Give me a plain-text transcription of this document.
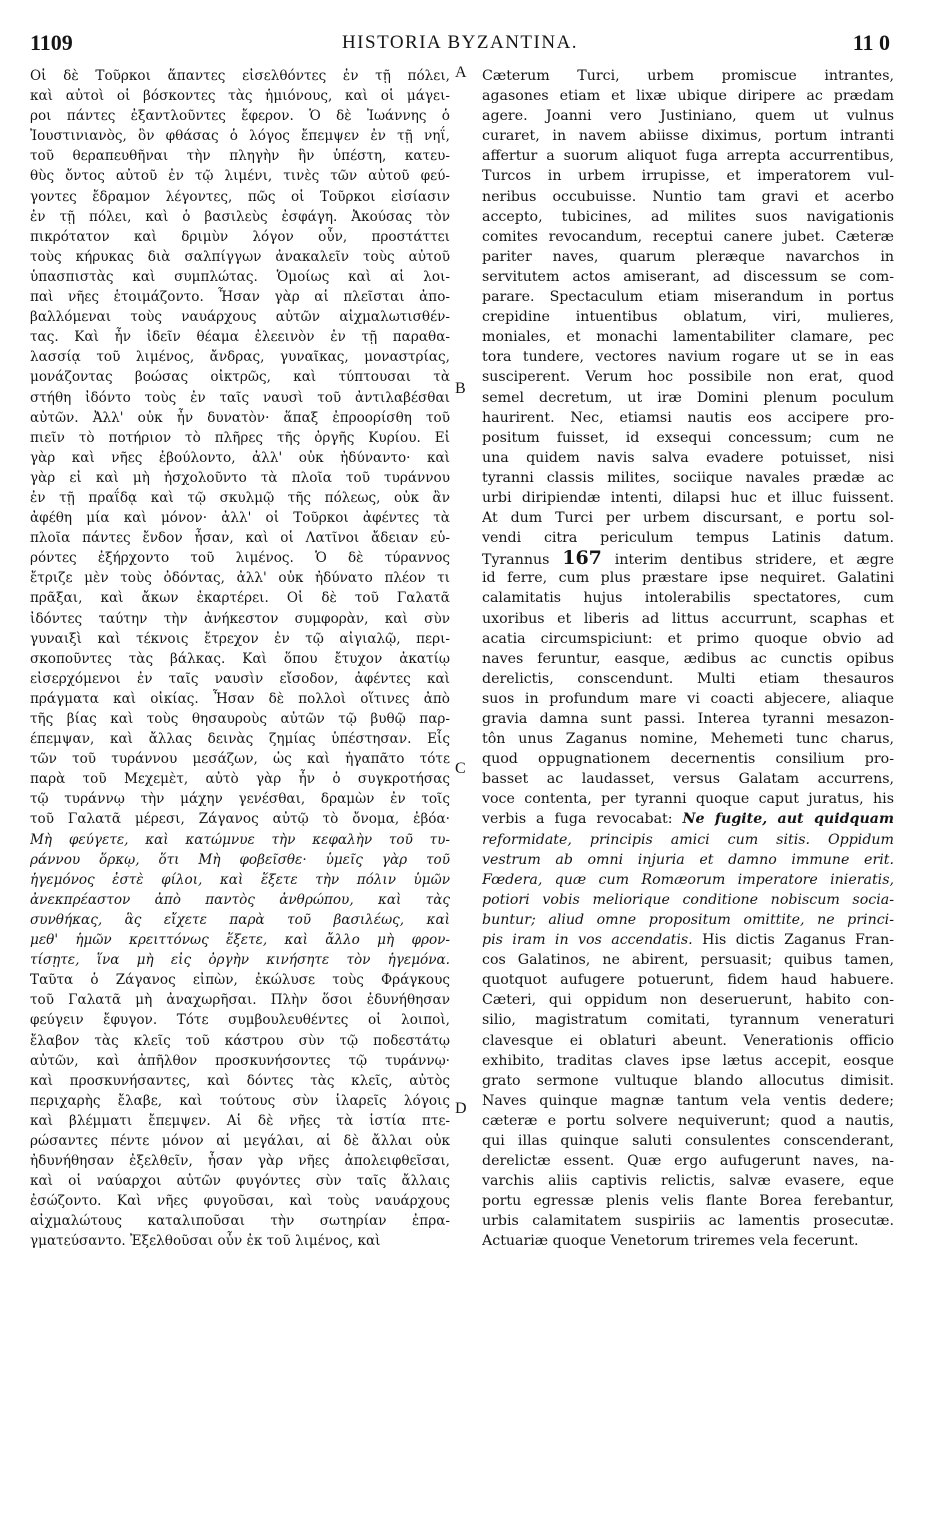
1109	HISTORIA BYZANTINA.	11 0
A
B
C
D
Οἱ δὲ Τοῦρκοι ἅπαντες εἰσελθόντες ἐν τῇ πόλει,
καὶ αὐτοὶ οἱ βόσκοντες τὰς ἡμιόνους, καὶ οἱ μάγει-
ροι πάντες ἐξαντλοῦντες ἔφερον. Ὁ δὲ Ἰωάννης ὁ
Ἰουστινιανὸς, ὃν φθάσας ὁ λόγος ἔπεμψεν ἐν τῇ νηΐ,
τοῦ θεραπευθῆναι τὴν πληγὴν ἣν ὑπέστη, κατευ-
θὺς ὄντος αὐτοῦ ἐν τῷ λιμένι, τινὲς τῶν αὐτοῦ φεύ-
γοντες ἔδραμον λέγοντες, πῶς οἱ Τοῦρκοι εἰσίασιν
ἐν τῇ πόλει, καὶ ὁ βασιλεὺς ἐσφάγη. Ἀκούσας τὸν
πικρότατον καὶ δριμὺν λόγον οὖν, προστάττει
τοὺς κήρυκας διὰ σαλπίγγων ἀνακαλεῖν τοὺς αὐτοῦ
ὑπασπιστὰς καὶ συμπλώτας. Ὁμοίως καὶ αἱ λοι-
παὶ νῆες ἑτοιμάζοντο. Ἦσαν γὰρ αἱ πλεῖσται ἀπο-
βαλλόμεναι τοὺς ναυάρχους αὐτῶν αἰχμαλωτισθέν-
τας. Καὶ ἦν ἰδεῖν θέαμα ἐλεεινὸν ἐν τῇ παραθα-
λασσίᾳ τοῦ λιμένος, ἄνδρας, γυναῖκας, μοναστρίας,
μονάζοντας βοώσας οἰκτρῶς, καὶ τύπτουσαι τὰ
στήθη ἰδόντο τοὺς ἐν ταῖς ναυσὶ τοῦ ἀντιλαβέσθαι
αὐτῶν. Ἀλλ' οὐκ ἦν δυνατὸν· ἅπαξ ἐπροορίσθη τοῦ
πιεῖν τὸ ποτήριον τὸ πλῆρες τῆς ὀργῆς Κυρίου. Εἰ
γὰρ καὶ νῆες ἐβούλοντο, ἀλλ' οὐκ ἠδύναντο· καὶ
γὰρ εἰ καὶ μὴ ἠσχολοῦντο τὰ πλοῖα τοῦ τυράννου
ἐν τῇ πραΐδᾳ καὶ τῷ σκυλμῷ τῆς πόλεως, οὐκ ἂν
ἀφέθη μία καὶ μόνον· ἀλλ' οἱ Τοῦρκοι ἀφέντες τὰ
πλοῖα πάντες ἔνδον ἦσαν, καὶ οἱ Λατῖνοι ἄδειαν εὑ-
ρόντες ἐξήρχοντο τοῦ λιμένος. Ὁ δὲ τύραννος
ἔτριζε μὲν τοὺς ὀδόντας, ἀλλ' οὐκ ἠδύνατο πλέον τι
πρᾶξαι, καὶ ἄκων ἐκαρτέρει. Οἱ δὲ τοῦ Γαλατᾶ
ἰδόντες ταύτην τὴν ἀνήκεστον συμφορὰν, καὶ σὺν
γυναιξὶ καὶ τέκνοις ἔτρεχον ἐν τῷ αἰγιαλῷ, περι-
σκοποῦντες τὰς βάλκας. Καὶ ὅπου ἔτυχον ἀκατίῳ
εἰσερχόμενοι ἐν ταῖς ναυσὶν εἴσοδον, ἀφέντες καὶ
πράγματα καὶ οἰκίας. Ἦσαν δὲ πολλοὶ οἵτινες ἀπὸ
τῆς βίας καὶ τοὺς θησαυροὺς αὐτῶν τῷ βυθῷ παρ-
έπεμψαν, καὶ ἄλλας δεινὰς ζημίας ὑπέστησαν. Εἷς
τῶν τοῦ τυράννου μεσάζων, ὡς καὶ ἠγαπᾶτο τότε
παρὰ τοῦ Μεχεμὲτ, αὐτὸ γὰρ ἦν ὁ συγκροτήσας
τῷ τυράννῳ τὴν μάχην γενέσθαι, δραμὼν ἐν τοῖς
τοῦ Γαλατᾶ μέρεσι, Ζάγανος αὐτῷ τὸ ὄνομα, ἐβόα·
Μὴ φεύγετε, καὶ κατώμνυε τὴν κεφαλὴν τοῦ τυ-
ράννου ὅρκῳ, ὅτι Μὴ φοβεῖσθε· ὑμεῖς γὰρ τοῦ
ἡγεμόνος ἐστὲ φίλοι, καὶ ἕξετε τὴν πόλιν ὑμῶν
ἀνεκπρέαστον ἀπὸ παντὸς ἀνθρώπου, καὶ τὰς
συνθήκας, ἃς εἴχετε παρὰ τοῦ βασιλέως, καὶ
μεθ' ἡμῶν κρειττόνως ἕξετε, καὶ ἄλλο μὴ φρον-
τίσῃτε, ἵνα μὴ εἰς ὀργὴν κινήσητε τὸν ἡγεμόνα.
Ταῦτα ὁ Ζάγανος εἰπὼν, ἐκώλυσε τοὺς Φράγκους
τοῦ Γαλατᾶ μὴ ἀναχωρῆσαι. Πλὴν ὅσοι ἐδυνήθησαν
φεύγειν ἔφυγον. Τότε συμβουλευθέντες οἱ λοιποὶ,
ἔλαβον τὰς κλεῖς τοῦ κάστρου σὺν τῷ ποδεστάτῳ
αὐτῶν, καὶ ἀπῆλθον προσκυνήσοντες τῷ τυράννῳ·
καὶ προσκυνήσαντες, καὶ δόντες τὰς κλεῖς, αὐτὸς
περιχαρὴς ἔλαβε, καὶ τούτους σὺν ἱλαρεῖς λόγοις
καὶ βλέμματι ἔπεμψεν. Αἱ δὲ νῆες τὰ ἱστία πτε-
ρώσαντες πέντε μόνον αἱ μεγάλαι, αἱ δὲ ἄλλαι οὐκ
ἠδυνήθησαν ἐξελθεῖν, ἦσαν γὰρ νῆες ἀπολειφθεῖσαι,
καὶ οἱ ναύαρχοι αὐτῶν φυγόντες σὺν ταῖς ἄλλαις
ἐσώζοντο. Καὶ νῆες φυγοῦσαι, καὶ τοὺς ναυάρχους
αἰχμαλώτους καταλιποῦσαι τὴν σωτηρίαν ἐπρα-
γματεύσαντο. Ἐξελθοῦσαι οὖν ἐκ τοῦ λιμένος, καὶ
Cæterum Turci, urbem promiscue intrantes,
agasones etiam et lixæ ubique diripere ac prædam
agere. Joanni vero Justiniano, quem ut vulnus
curaret, in navem abiisse diximus, portum intranti
affertur a suorum aliquot fuga arrepta accurrentibus,
Turcos in urbem irrupisse, et imperatorem vul-
neribus occubuisse. Nuntio tam gravi et acerbo
accepto, tubicines, ad milites suos navigationis
comites revocandum, receptui canere jubet. Cæteræ
pariter naves, quarum pleræque navarchos in
servitutem actos amiserant, ad discessum se com-
parare. Spectaculum etiam miserandum in portus
crepidine intuentibus oblatum, viri, mulieres,
moniales, et monachi lamentabiliter clamare, pec
tora tundere, vectores navium rogare ut se in eas
susciperent. Verum hoc possibile non erat, quod
semel decretum, ut iræ Domini plenum poculum
haurirent. Nec, etiamsi nautis eos accipere pro-
positum fuisset, id exsequi concessum; cum ne
una quidem navis salva evadere potuisset, nisi
tyranni classis milites, sociique navales prædæ ac
urbi diripiendæ intenti, dilapsi huc et illuc fuissent.
At dum Turci per urbem discursant, e portu sol-
vendi citra periculum tempus Latinis datum.
Tyrannus 167 interim dentibus stridere, et ægre
id ferre, cum plus præstare ipse nequiret. Galatini
calamitatis hujus intolerabilis spectatores, cum
uxoribus et liberis ad littus accurrunt, scaphas et
acatia circumspiciunt: et primo quoque obvio ad
naves feruntur, easque, ædibus ac cunctis opibus
derelictis, conscendunt. Multi etiam thesauros
suos in profundum mare vi coacti abjecere, aliaque
gravia damna sunt passi. Interea tyranni mesazon-
tôn unus Zaganus nomine, Mehemeti tunc charus,
quod oppugnationem decernentis consilium pro-
basset ac laudasset, versus Galatam accurrens,
voce contenta, per tyranni quoque caput juratus, his
verbis a fuga revocabat: Ne fugite, aut quidquam
reformidate, principis amici cum sitis. Oppidum
vestrum ab omni injuria et damno immune erit.
Fœdera, quæ cum Romæorum imperatore inieratis,
potiori vobis meliorique conditione nobiscum socia-
buntur; aliud omne propositum omittite, ne princi-
pis iram in vos accendatis. His dictis Zaganus Fran-
cos Galatinos, ne abirent, persuasit; quibus tamen,
quotquot aufugere potuerunt, fidem haud habuere.
Cæteri, qui oppidum non deseruerunt, habito con-
silio, magistratum comitati, tyrannum veneraturi
clavesque ei oblaturi abeunt. Venerationis officio
exhibito, traditas claves ipse lætus accepit, eosque
grato sermone vultuque blando allocutus dimisit.
Naves quinque magnæ tantum vela ventis dedere;
cæteræ e portu solvere nequiverunt; quod a nautis,
qui illas quinque saluti consulentes conscenderant,
derelictæ essent. Quæ ergo aufugerunt naves, na-
varchis aliis captivis relictis, salvæ evasere, eque
portu egressæ plenis velis flante Borea ferebantur,
urbis calamitatem suspiriis ac lamentis prosecutæ.
Actuariæ quoque Venetorum triremes vela fecerunt.
